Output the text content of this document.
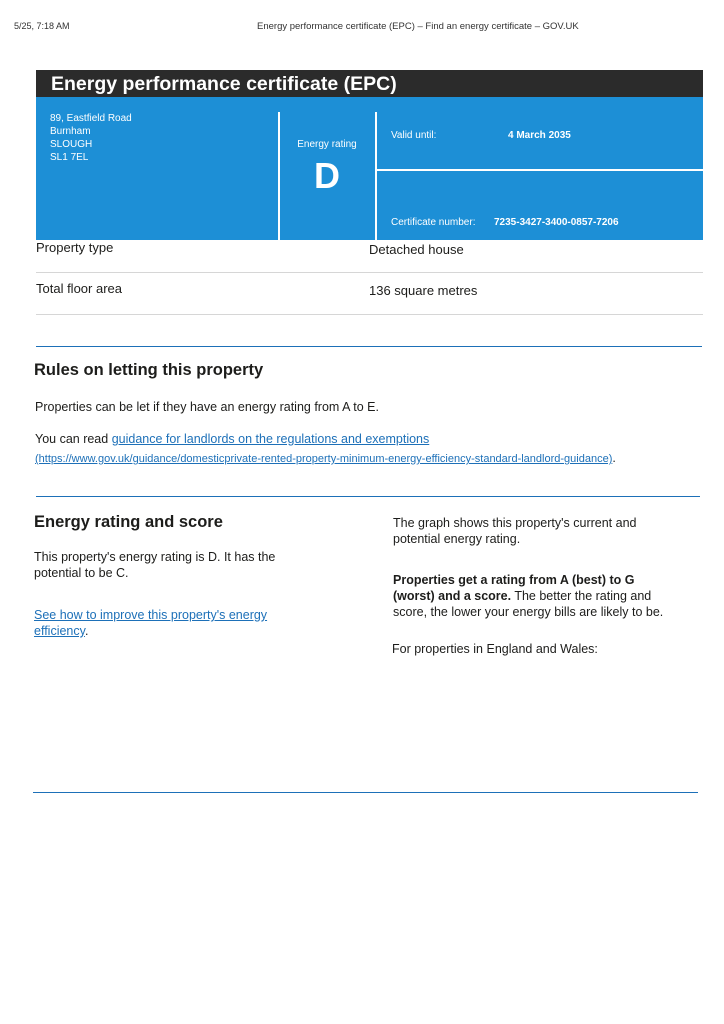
5/25, 7:18 AM	Energy performance certificate (EPC) – Find an energy certificate – GOV.UK
Energy performance certificate (EPC)
89, Eastfield Road
Burnham
SLOUGH
SL1 7EL
Energy rating
D
Valid until:	4 March 2035
Certificate number: 7235-3427-3400-0857-7206
Property type	Detached house
Total floor area	136 square metres
Rules on letting this property
Properties can be let if they have an energy rating from A to E.
You can read guidance for landlords on the regulations and exemptions
(https://www.gov.uk/guidance/domesticprivate-rented-property-minimum-energy-efficiency-standard-landlord-guidance).
Energy rating and score
This property's energy rating is D. It has the
potential to be C.
See how to improve this property's energy
efficiency.
The graph shows this property's current and
potential energy rating.
Properties get a rating from A (best) to G
(worst) and a score. The better the rating and
score, the lower your energy bills are likely to be.
For properties in England and Wales:
